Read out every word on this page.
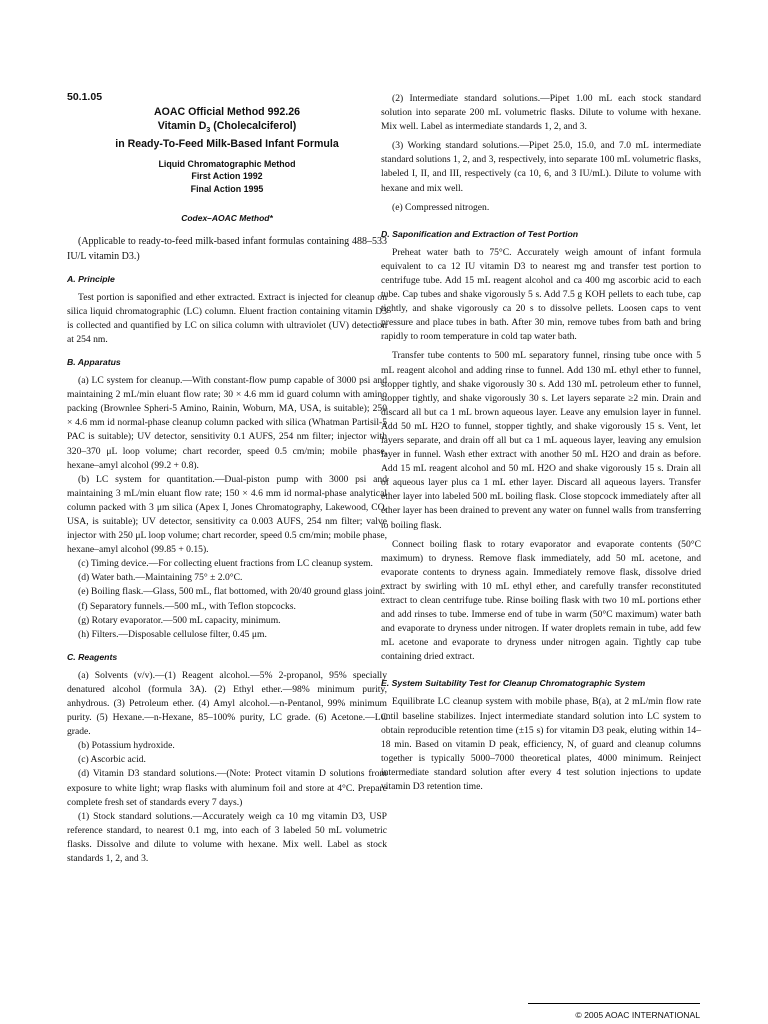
50.1.05
AOAC Official Method 992.26
Vitamin $D_3$ (Cholecalciferol)
in Ready-To-Feed Milk-Based Infant Formula
Liquid Chromatographic Method
First Action 1992
Final Action 1995
Codex–AOAC Method*

(Applicable to ready-to-feed milk-based infant formulas containing 488–533 IU/L vitamin D3.)

A. Principle

Test portion is saponified and ether extracted. Extract is injected for cleanup on silica liquid chromatographic (LC) column. Eluent fraction containing vitamin D3 is collected and quantified by LC on silica column with ultraviolet (UV) detection at 254 nm.

B. Apparatus

(a) LC system for cleanup.—With constant-flow pump capable of 3000 psi and maintaining 2 mL/min eluant flow rate; 30 × 4.6 mm id guard column with amino packing (Brownlee Spheri-5 Amino, Rainin, Woburn, MA, USA, is suitable); 250 × 4.6 mm id normal-phase cleanup column packed with silica (Whatman Partisil-5 PAC is suitable); UV detector, sensitivity 0.1 AUFS, 254 nm filter; injector with 320–370 μL loop volume; chart recorder, speed 0.5 cm/min; mobile phase, hexane–amyl alcohol (99.2 + 0.8).

(b) LC system for quantitation.—Dual-piston pump with 3000 psi and maintaining 3 mL/min eluant flow rate; 150 × 4.6 mm id normal-phase analytical column packed with 3 μm silica (Apex I, Jones Chromatography, Lakewood, CO, USA, is suitable); UV detector, sensitivity ca 0.003 AUFS, 254 nm filter; valve injector with 250 μL loop volume; chart recorder, speed 0.5 cm/min; mobile phase, hexane–amyl alcohol (99.85 + 0.15).

(c) Timing device.—For collecting eluent fractions from LC cleanup system.

(d) Water bath.—Maintaining 75° ± 2.0°C.

(e) Boiling flask.—Glass, 500 mL, flat bottomed, with 20/40 ground glass joint.

(f) Separatory funnels.—500 mL, with Teflon stopcocks.

(g) Rotary evaporator.—500 mL capacity, minimum.

(h) Filters.—Disposable cellulose filter, 0.45 μm.

C. Reagents

(a) Solvents (v/v).—(1) Reagent alcohol.—5% 2-propanol, 95% specially denatured alcohol (formula 3A). (2) Ethyl ether.—98% minimum purity, anhydrous. (3) Petroleum ether. (4) Amyl alcohol.—n-Pentanol, 99% minimum purity. (5) Hexane.—n-Hexane, 85–100% purity, LC grade. (6) Acetone.—LC grade.

(b) Potassium hydroxide.

(c) Ascorbic acid.

(d) Vitamin D3 standard solutions.—(Note: Protect vitamin D solutions from exposure to white light; wrap flasks with aluminum foil and store at 4°C. Prepare complete fresh set of standards every 7 days.)

(1) Stock standard solutions.—Accurately weigh ca 10 mg vitamin D3, USP reference standard, to nearest 0.1 mg, into each of 3 labeled 50 mL volumetric flasks. Dissolve and dilute to volume with hexane. Mix well. Label as stock standards 1, 2, and 3.

(2) Intermediate standard solutions.—Pipet 1.00 mL each stock standard solution into separate 200 mL volumetric flasks. Dilute to volume with hexane. Mix well. Label as intermediate standards 1, 2, and 3.

(3) Working standard solutions.—Pipet 25.0, 15.0, and 7.0 mL intermediate standard solutions 1, 2, and 3, respectively, into separate 100 mL volumetric flasks, labeled I, II, and III, respectively (ca 10, 6, and 3 IU/mL). Dilute to volume with hexane and mix well.

(e) Compressed nitrogen.

D. Saponification and Extraction of Test Portion

Preheat water bath to 75°C. Accurately weigh amount of infant formula equivalent to ca 12 IU vitamin D3 to nearest mg and transfer test portion to centrifuge tube. Add 15 mL reagent alcohol and ca 400 mg ascorbic acid to each tube. Cap tubes and shake vigorously 5 s. Add 7.5 g KOH pellets to each tube, cap tightly, and shake vigorously ca 20 s to dissolve pellets. Loosen caps to vent pressure and place tubes in bath. After 30 min, remove tubes from bath and bring rapidly to room temperature in cold tap water bath.

Transfer tube contents to 500 mL separatory funnel, rinsing tube once with 5 mL reagent alcohol and adding rinse to funnel. Add 130 mL ethyl ether to funnel, stopper tightly, and shake vigorously 30 s. Add 130 mL petroleum ether to funnel, stopper tightly, and shake vigorously 30 s. Let layers separate ≥2 min. Drain and discard all but ca 1 mL brown aqueous layer. Leave any emulsion layer in funnel. Add 50 mL H2O to funnel, stopper tightly, and shake vigorously 15 s. Vent, let layers separate, and drain off all but ca 1 mL aqueous layer, leaving any emulsion layer in funnel. Wash ether extract with another 50 mL H2O and drain as before. Add 15 mL reagent alcohol and 50 mL H2O and shake vigorously 15 s. Drain all of aqueous layer plus ca 1 mL ether layer. Discard all aqueous layers. Transfer ether layer into labeled 500 mL boiling flask. Close stopcock immediately after all ether layer has been drained to prevent any water on funnel walls from transferring to boiling flask.

Connect boiling flask to rotary evaporator and evaporate contents (50°C maximum) to dryness. Remove flask immediately, add 50 mL acetone, and evaporate contents to dryness again. Immediately remove flask, dissolve dried extract by swirling with 10 mL ethyl ether, and carefully transfer reconstituted extract to clean centrifuge tube. Rinse boiling flask with two 10 mL portions ether and add rinses to tube. Immerse end of tube in warm (50°C maximum) water bath and evaporate to dryness under nitrogen. If water droplets remain in tube, add few mL acetone and evaporate to dryness under nitrogen again. Tightly cap tube containing dried extract.

E. System Suitability Test for Cleanup Chromatographic System

Equilibrate LC cleanup system with mobile phase, B(a), at 2 mL/min flow rate until baseline stabilizes. Inject intermediate standard solution into LC system to obtain reproducible retention time (±15 s) for vitamin D3 peak, eluting within 14–18 min. Based on vitamin D peak, efficiency, N, of guard and cleanup columns together is typically 5000–7000 theoretical plates, 4000 minimum. Reinject intermediate standard solution after every 4 test solution injections to update vitamin D3 retention time.

© 2005 AOAC INTERNATIONAL
